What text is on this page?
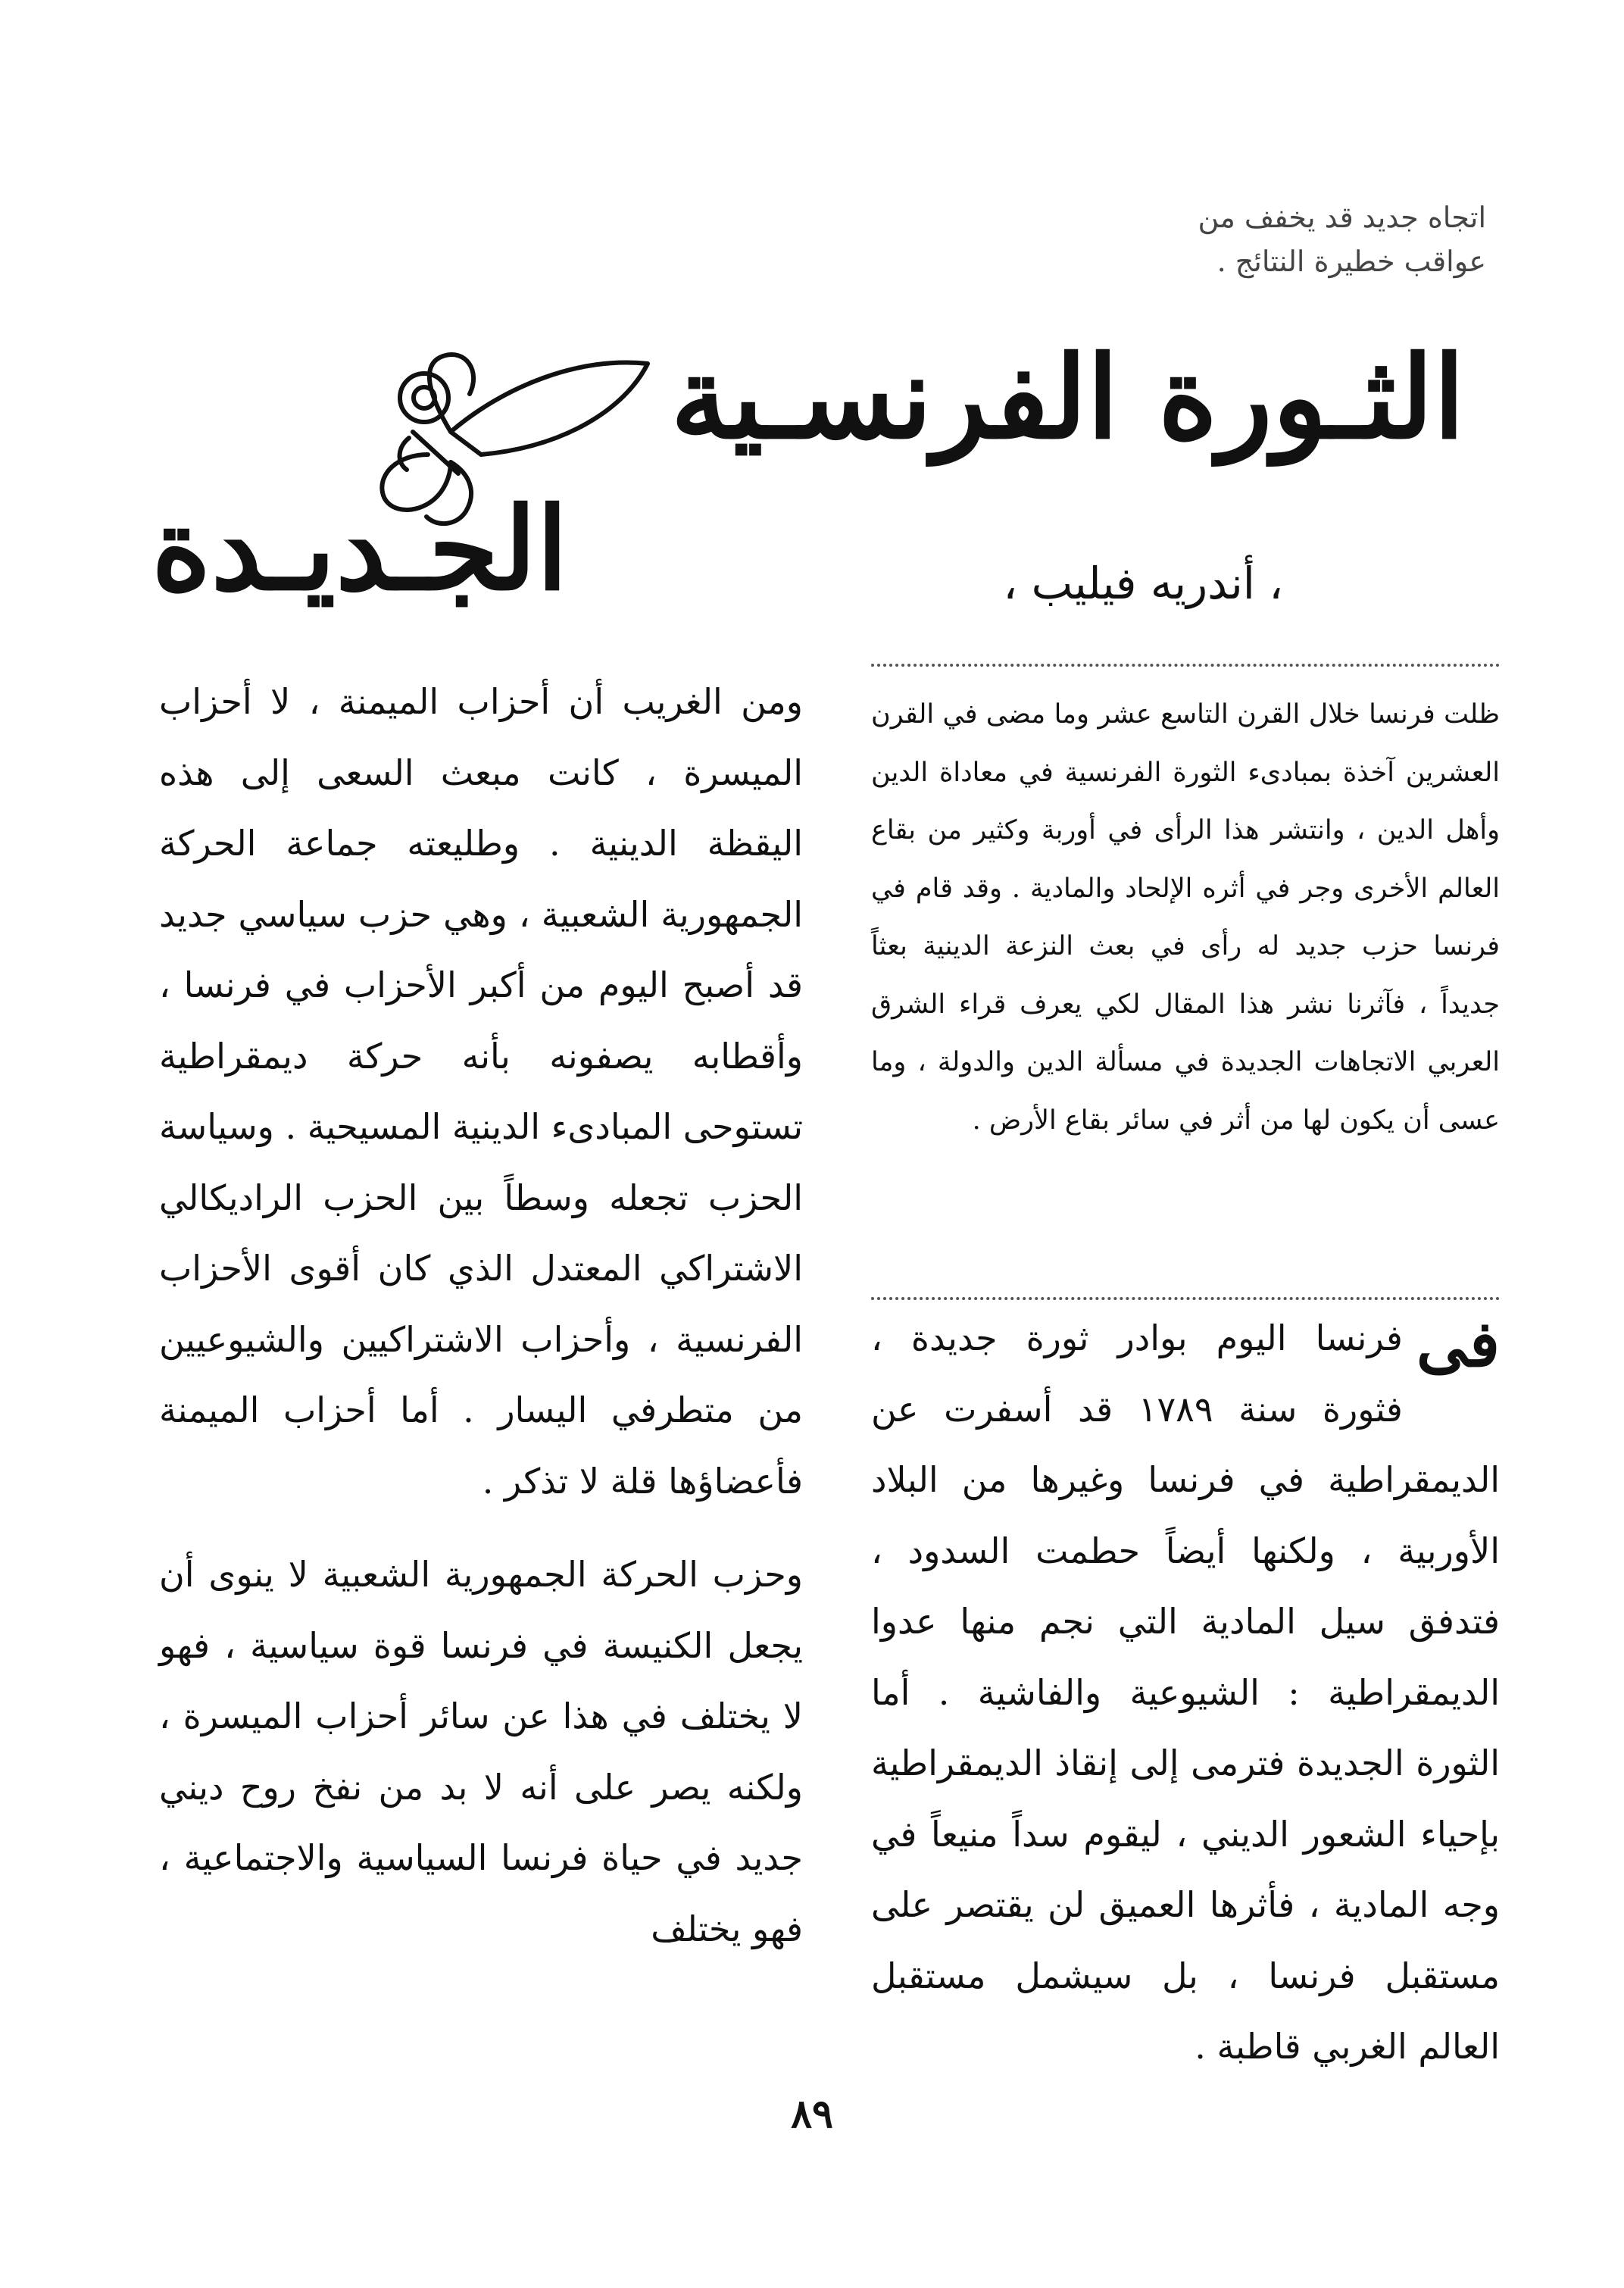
اتجاه جديد قد يخفف من
عواقب خطيرة النتائج .
الثـورة الفرنسـية
الجـديـدة	، أندريه فيليب ،
ظلت فرنسا خلال القرن التاسع عشر وما مضى في القرن العشرين آخذة بمبادىء الثورة الفرنسية في معاداة الدين وأهل الدين ، وانتشر هذا الرأى في أوربة وكثير من بقاع العالم الأخرى وجر في أثره الإلحاد والمادية . وقد قام في فرنسا حزب جديد له رأى في بعث النزعة الدينية بعثاً جديداً ، فآثرنا نشر هذا المقال لكي يعرف قراء الشرق العربي الاتجاهات الجديدة في مسألة الدين والدولة ، وما عسى أن يكون لها من أثر في سائر بقاع الأرض .
فى
فرنسا اليوم بوادر ثورة جديدة ، فثورة سنة ١٧٨٩ قد أسفرت عن الديمقراطية في فرنسا وغيرها من البلاد الأوربية ، ولكنها أيضاً حطمت السدود ، فتدفق سيل المادية التي نجم منها عدوا الديمقراطية : الشيوعية والفاشية . أما الثورة الجديدة فترمى إلى إنقاذ الديمقراطية بإحياء الشعور الديني ، ليقوم سداً منيعاً في وجه المادية ، فأثرها العميق لن يقتصر على مستقبل فرنسا ، بل سيشمل مستقبل العالم الغربي قاطبة .

ومن الغريب أن أحزاب الميمنة ، لا أحزاب الميسرة ، كانت مبعث السعى إلى هذه اليقظة الدينية . وطليعته جماعة الحركة الجمهورية الشعبية ، وهي حزب سياسي جديد قد أصبح اليوم من أكبر الأحزاب في فرنسا ، وأقطابه يصفونه بأنه حركة ديمقراطية تستوحى المبادىء الدينية المسيحية . وسياسة الحزب تجعله وسطاً بين الحزب الراديكالي الاشتراكي المعتدل الذي كان أقوى الأحزاب الفرنسية ، وأحزاب الاشتراكيين والشيوعيين من متطرفي اليسار . أما أحزاب الميمنة فأعضاؤها قلة لا تذكر .

وحزب الحركة الجمهورية الشعبية لا ينوى أن يجعل الكنيسة في فرنسا قوة سياسية ، فهو لا يختلف في هذا عن سائر أحزاب الميسرة ، ولكنه يصر على أنه لا بد من نفخ روح ديني جديد في حياة فرنسا السياسية والاجتماعية ، فهو يختلف

٨٩
